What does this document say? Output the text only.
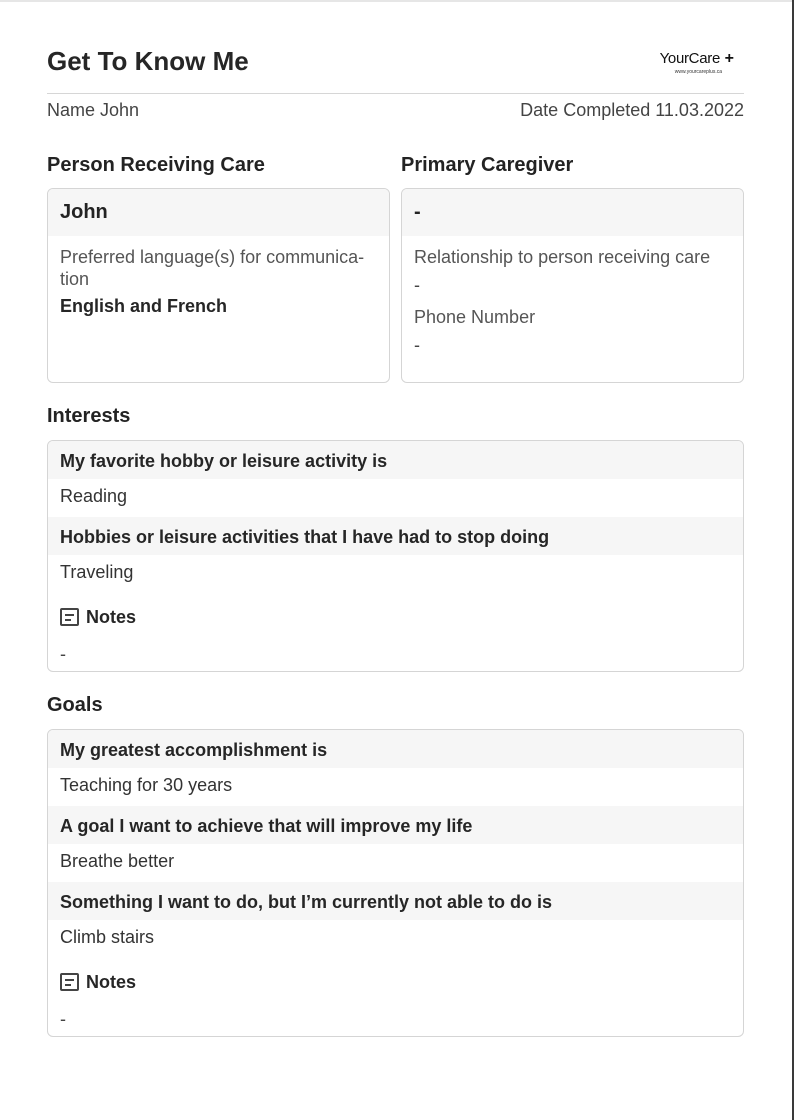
Get To Know Me	YourCare +
www.yourcareplus.ca
Name John	Date Completed 11.03.2022
Person Receiving Care
John
Preferred language(s) for communica-
tion
English and French
Primary Caregiver
-
Relationship to person receiving care
-
Phone Number
-
Interests
My favorite hobby or leisure activity is
Reading
Hobbies or leisure activities that I have had to stop doing
Traveling
Notes
-
Goals
My greatest accomplishment is
Teaching for 30 years
A goal I want to achieve that will improve my life
Breathe better
Something I want to do, but I’m currently not able to do is
Climb stairs
Notes
-
